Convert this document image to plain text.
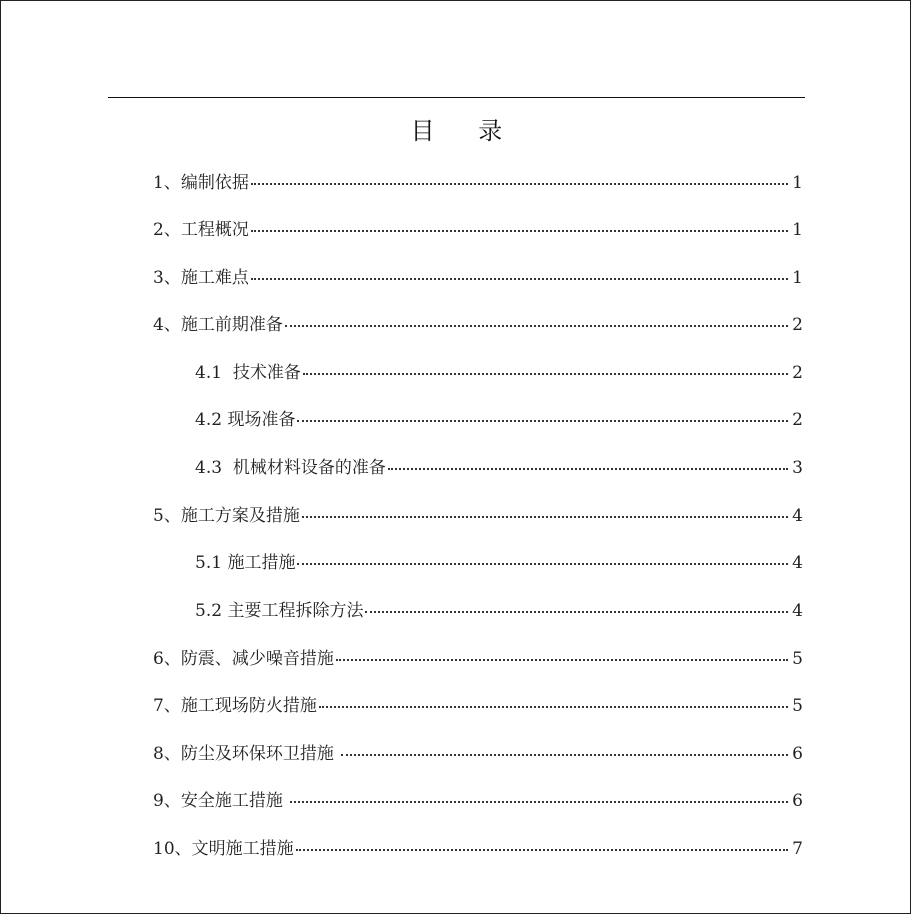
目 录
1、编制依据	1
2、工程概况	1
3、施工难点	1
4、施工前期准备	2
4.1  技术准备	2
4.2 现场准备	2
4.3  机械材料设备的准备	3
5、施工方案及措施	4
5.1 施工措施	4
5.2 主要工程拆除方法	4
6、防震、减少噪音措施	5
7、施工现场防火措施	5
8、防尘及环保环卫措施	6
9、安全施工措施	6
10、文明施工措施	7
